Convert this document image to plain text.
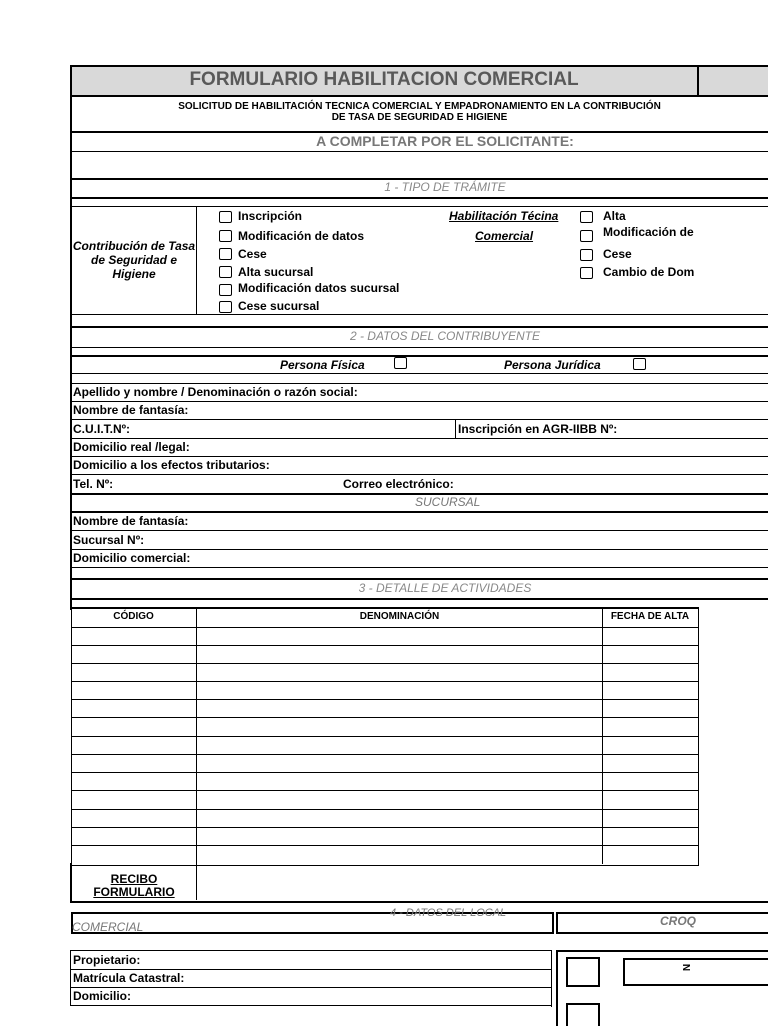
FORMULARIO HABILITACION COMERCIAL
SOLICITUD DE HABILITACIÓN TECNICA COMERCIAL Y EMPADRONAMIENTO EN LA CONTRIBUCIÓN
DE TASA DE SEGURIDAD E HIGIENE
A COMPLETAR POR EL SOLICITANTE:
1 - TIPO DE TRÁMITE
Contribución de Tasa de Seguridad e Higiene
Inscripción
Modificación de datos
Cese
Alta sucursal
Modificación datos sucursal
Cese sucursal
Habilitación Técina
Comercial
Alta
Modificación de
Cese
Cambio de Dom
2 - DATOS DEL CONTRIBUYENTE
Persona Física	Persona Jurídica
Apellido y nombre / Denominación o razón social:
Nombre de fantasía:
C.U.I.T.Nº:	Inscripción en AGR-IIBB Nº:
Domicilio real /legal:
Domicilio a los efectos tributarios:
Tel. Nº:	Correo electrónico:
SUCURSAL
Nombre de fantasía:
Sucursal Nº:
Domicilio comercial:
3 - DETALLE DE ACTIVIDADES
CÓDIGO	DENOMINACIÓN	FECHA DE ALTA
RECIBO
FORMULARIO
4 - DATOS DEL LOCAL
COMERCIAL	CROQ
Propietario:
Matrícula Catastral:
Domicilio:
N
